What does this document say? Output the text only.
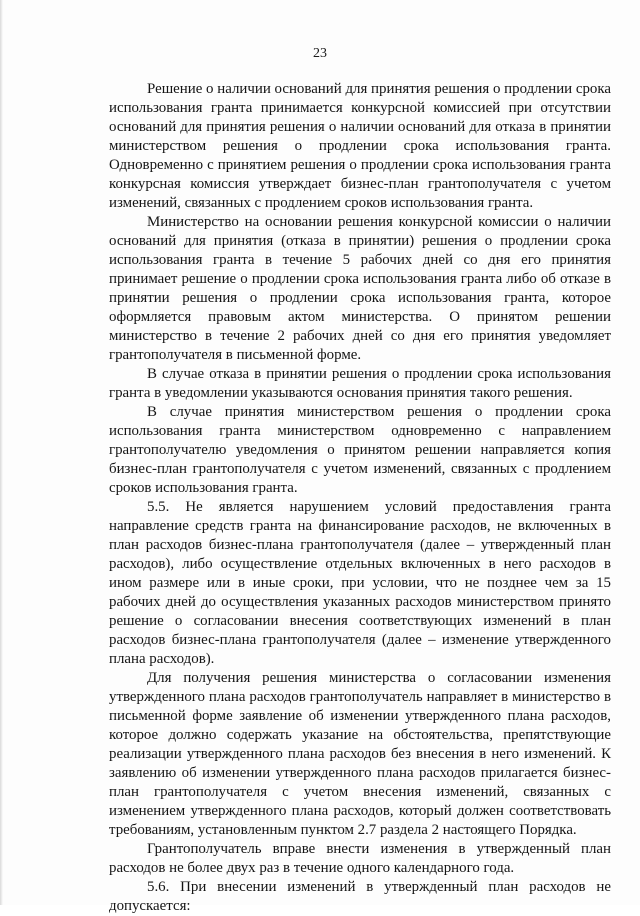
23

Решение о наличии оснований для принятия решения о продлении срока использования гранта принимается конкурсной комиссией при отсутствии оснований для принятия решения о наличии оснований для отказа в принятии министерством решения о продлении срока использования гранта. Одновременно с принятием решения о продлении срока использования гранта конкурсная комиссия утверждает бизнес-план грантополучателя с учетом изменений, связанных с продлением сроков использования гранта.

Министерство на основании решения конкурсной комиссии о наличии оснований для принятия (отказа в принятии) решения о продлении срока использования гранта в течение 5 рабочих дней со дня его принятия принимает решение о продлении срока использования гранта либо об отказе в принятии решения о продлении срока использования гранта, которое оформляется правовым актом министерства. О принятом решении министерство в течение 2 рабочих дней со дня его принятия уведомляет грантополучателя в письменной форме.

В случае отказа в принятии решения о продлении срока использования гранта в уведомлении указываются основания принятия такого решения.

В случае принятия министерством решения о продлении срока использования гранта министерством одновременно с направлением грантополучателю уведомления о принятом решении направляется копия бизнес-план грантополучателя с учетом изменений, связанных с продлением сроков использования гранта.

5.5. Не является нарушением условий предоставления гранта направление средств гранта на финансирование расходов, не включенных в план расходов бизнес-плана грантополучателя (далее – утвержденный план расходов), либо осуществление отдельных включенных в него расходов в ином размере или в иные сроки, при условии, что не позднее чем за 15 рабочих дней до осуществления указанных расходов министерством принято решение о согласовании внесения соответствующих изменений в план расходов бизнес-плана грантополучателя (далее – изменение утвержденного плана расходов).

Для получения решения министерства о согласовании изменения утвержденного плана расходов грантополучатель направляет в министерство в письменной форме заявление об изменении утвержденного плана расходов, которое должно содержать указание на обстоятельства, препятствующие реализации утвержденного плана расходов без внесения в него изменений. К заявлению об изменении утвержденного плана расходов прилагается бизнес-план грантополучателя с учетом внесения изменений, связанных с изменением утвержденного плана расходов, который должен соответствовать требованиям, установленным пунктом 2.7 раздела 2 настоящего Порядка.

Грантополучатель вправе внести изменения в утвержденный план расходов не более двух раз в течение одного календарного года.

5.6. При внесении изменений в утвержденный план расходов не допускается:
